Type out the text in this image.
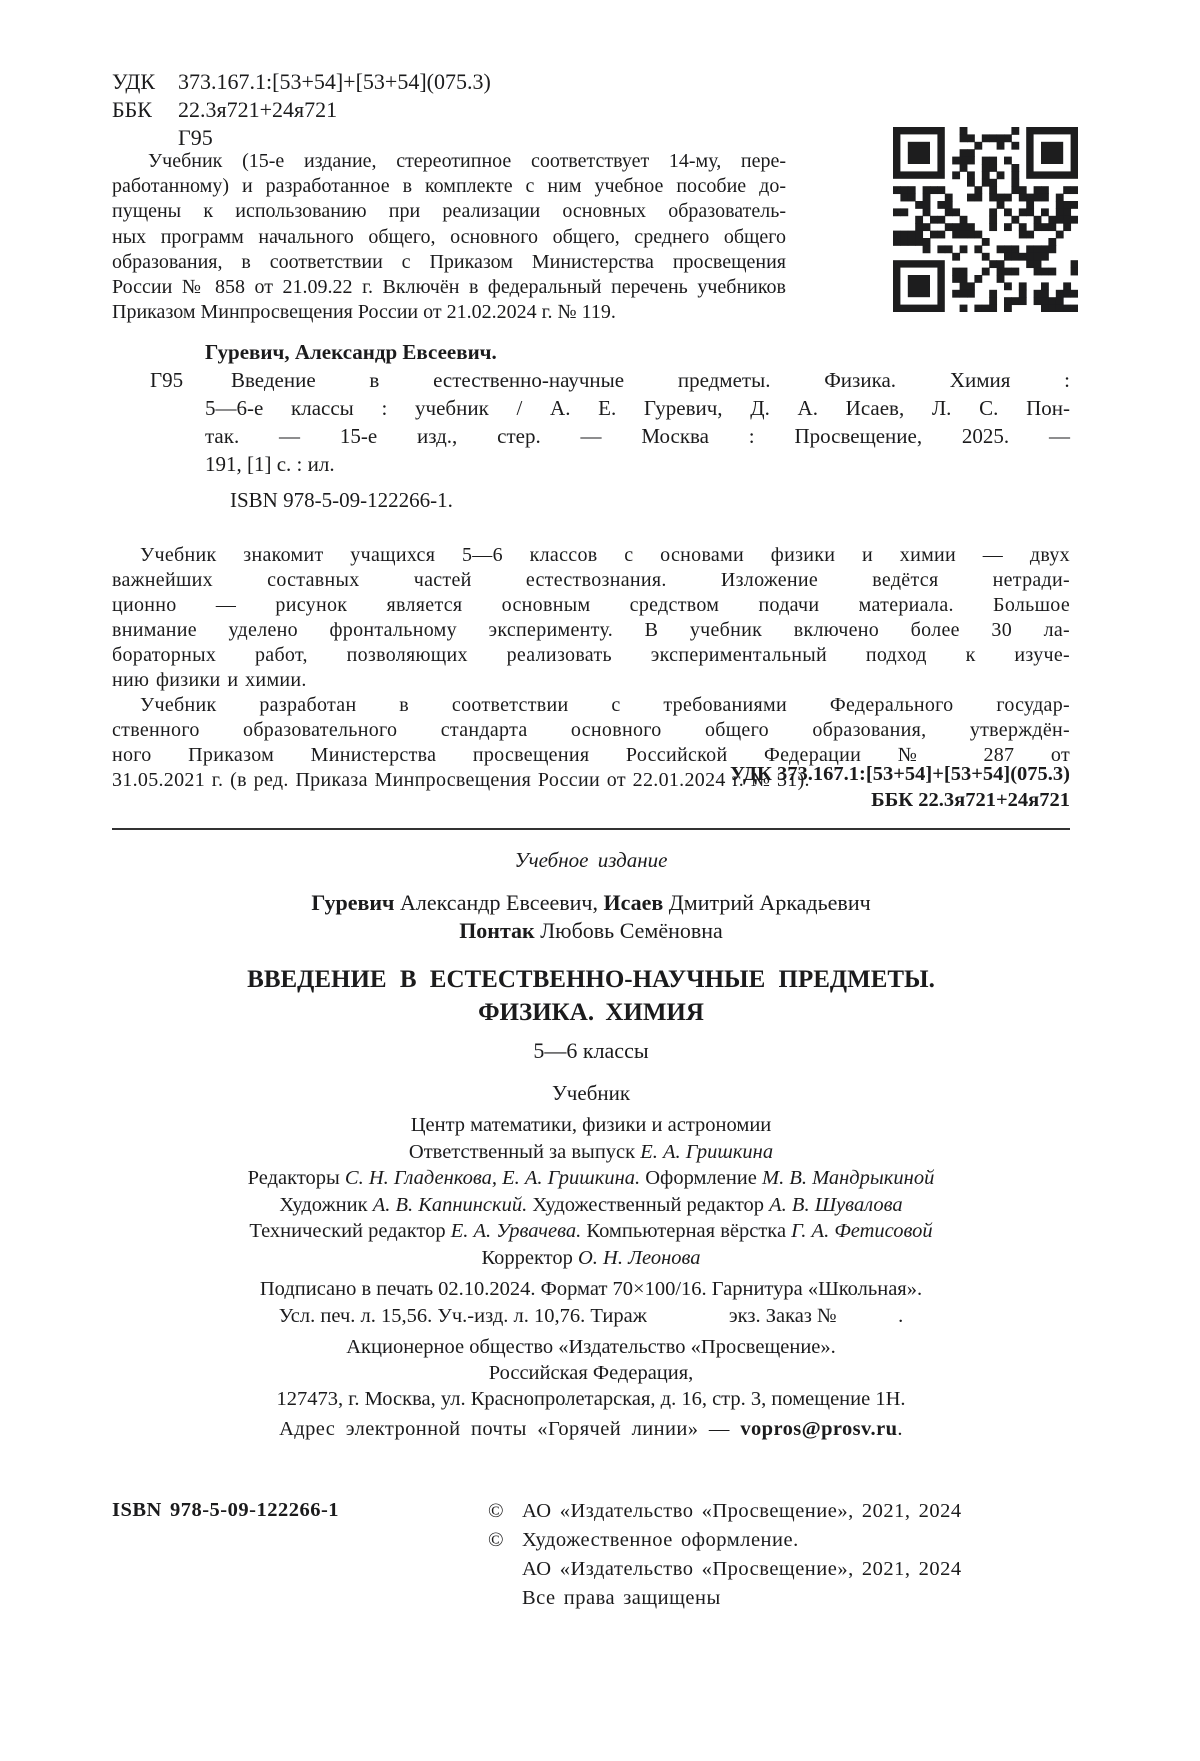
УДК	373.167.1:[53+54]+[53+54](075.3)
ББК	22.3я721+24я721
Г95
Учебник (15-е издание, стереотипное соответствует 14-му, пере-
работанному) и разработанное в комплекте с ним учебное пособие до-
пущены к использованию при реализации основных образователь-
ных программ начального общего, основного общего, среднего общего
образования, в соответствии с Приказом Министерства просвещения
России № 858 от 21.09.22 г. Включён в федеральный перечень учебников
Приказом Минпросвещения России от 21.02.2024 г. № 119.
Г95
Гуревич, Александр Евсеевич.
Введение в естественно-научные предметы. Физика. Химия :
5—6-е классы : учебник / А. Е. Гуревич, Д. А. Исаев, Л. С. Пон-
так. — 15-е изд., стер. — Москва : Просвещение, 2025. —
191, [1] с. : ил.
ISBN 978-5-09-122266-1.
Учебник знакомит учащихся 5—6 классов с основами физики и химии — двух
важнейших составных частей естествознания. Изложение ведётся нетради-
ционно — рисунок является основным средством подачи материала. Большое
внимание уделено фронтальному эксперименту. В учебник включено более 30 ла-
бораторных работ, позволяющих реализовать экспериментальный подход к изуче-
нию физики и химии.
Учебник разработан в соответствии с требованиями Федерального государ-
ственного образовательного стандарта основного общего образования, утверждён-
ного Приказом Министерства просвещения Российской Федерации № 287 от
31.05.2021 г. (в ред. Приказа Минпросвещения России от 22.01.2024 г. № 31).
УДК 373.167.1:[53+54]+[53+54](075.3)
ББК 22.3я721+24я721
Учебное издание
Гуревич Александр Евсеевич, Исаев Дмитрий Аркадьевич
Понтак Любовь Семёновна
ВВЕДЕНИЕ В ЕСТЕСТВЕННО-НАУЧНЫЕ ПРЕДМЕТЫ.
ФИЗИКА. ХИМИЯ
5—6 классы
Учебник
Центр математики, физики и астрономии
Ответственный за выпуск Е. А. Гришкина
Редакторы С. Н. Гладенкова, Е. А. Гришкина. Оформление М. В. Мандрыкиной
Художник А. В. Капнинский. Художественный редактор А. В. Шувалова
Технический редактор Е. А. Урвачева. Компьютерная вёрстка Г. А. Фетисовой
Корректор О. Н. Леонова
Подписано в печать 02.10.2024. Формат 70×100/16. Гарнитура «Школьная».
Усл. печ. л. 15,56. Уч.-изд. л. 10,76. Тираж                экз. Заказ №            .
Акционерное общество «Издательство «Просвещение».
Российская Федерация,
127473, г. Москва, ул. Краснопролетарская, д. 16, стр. 3, помещение 1Н.
Адрес электронной почты «Горячей линии» — vopros@prosv.ru.
ISBN 978-5-09-122266-1	© АО «Издательство «Просвещение», 2021, 2024
© Художественное оформление.
АО «Издательство «Просвещение», 2021, 2024
Все права защищены
